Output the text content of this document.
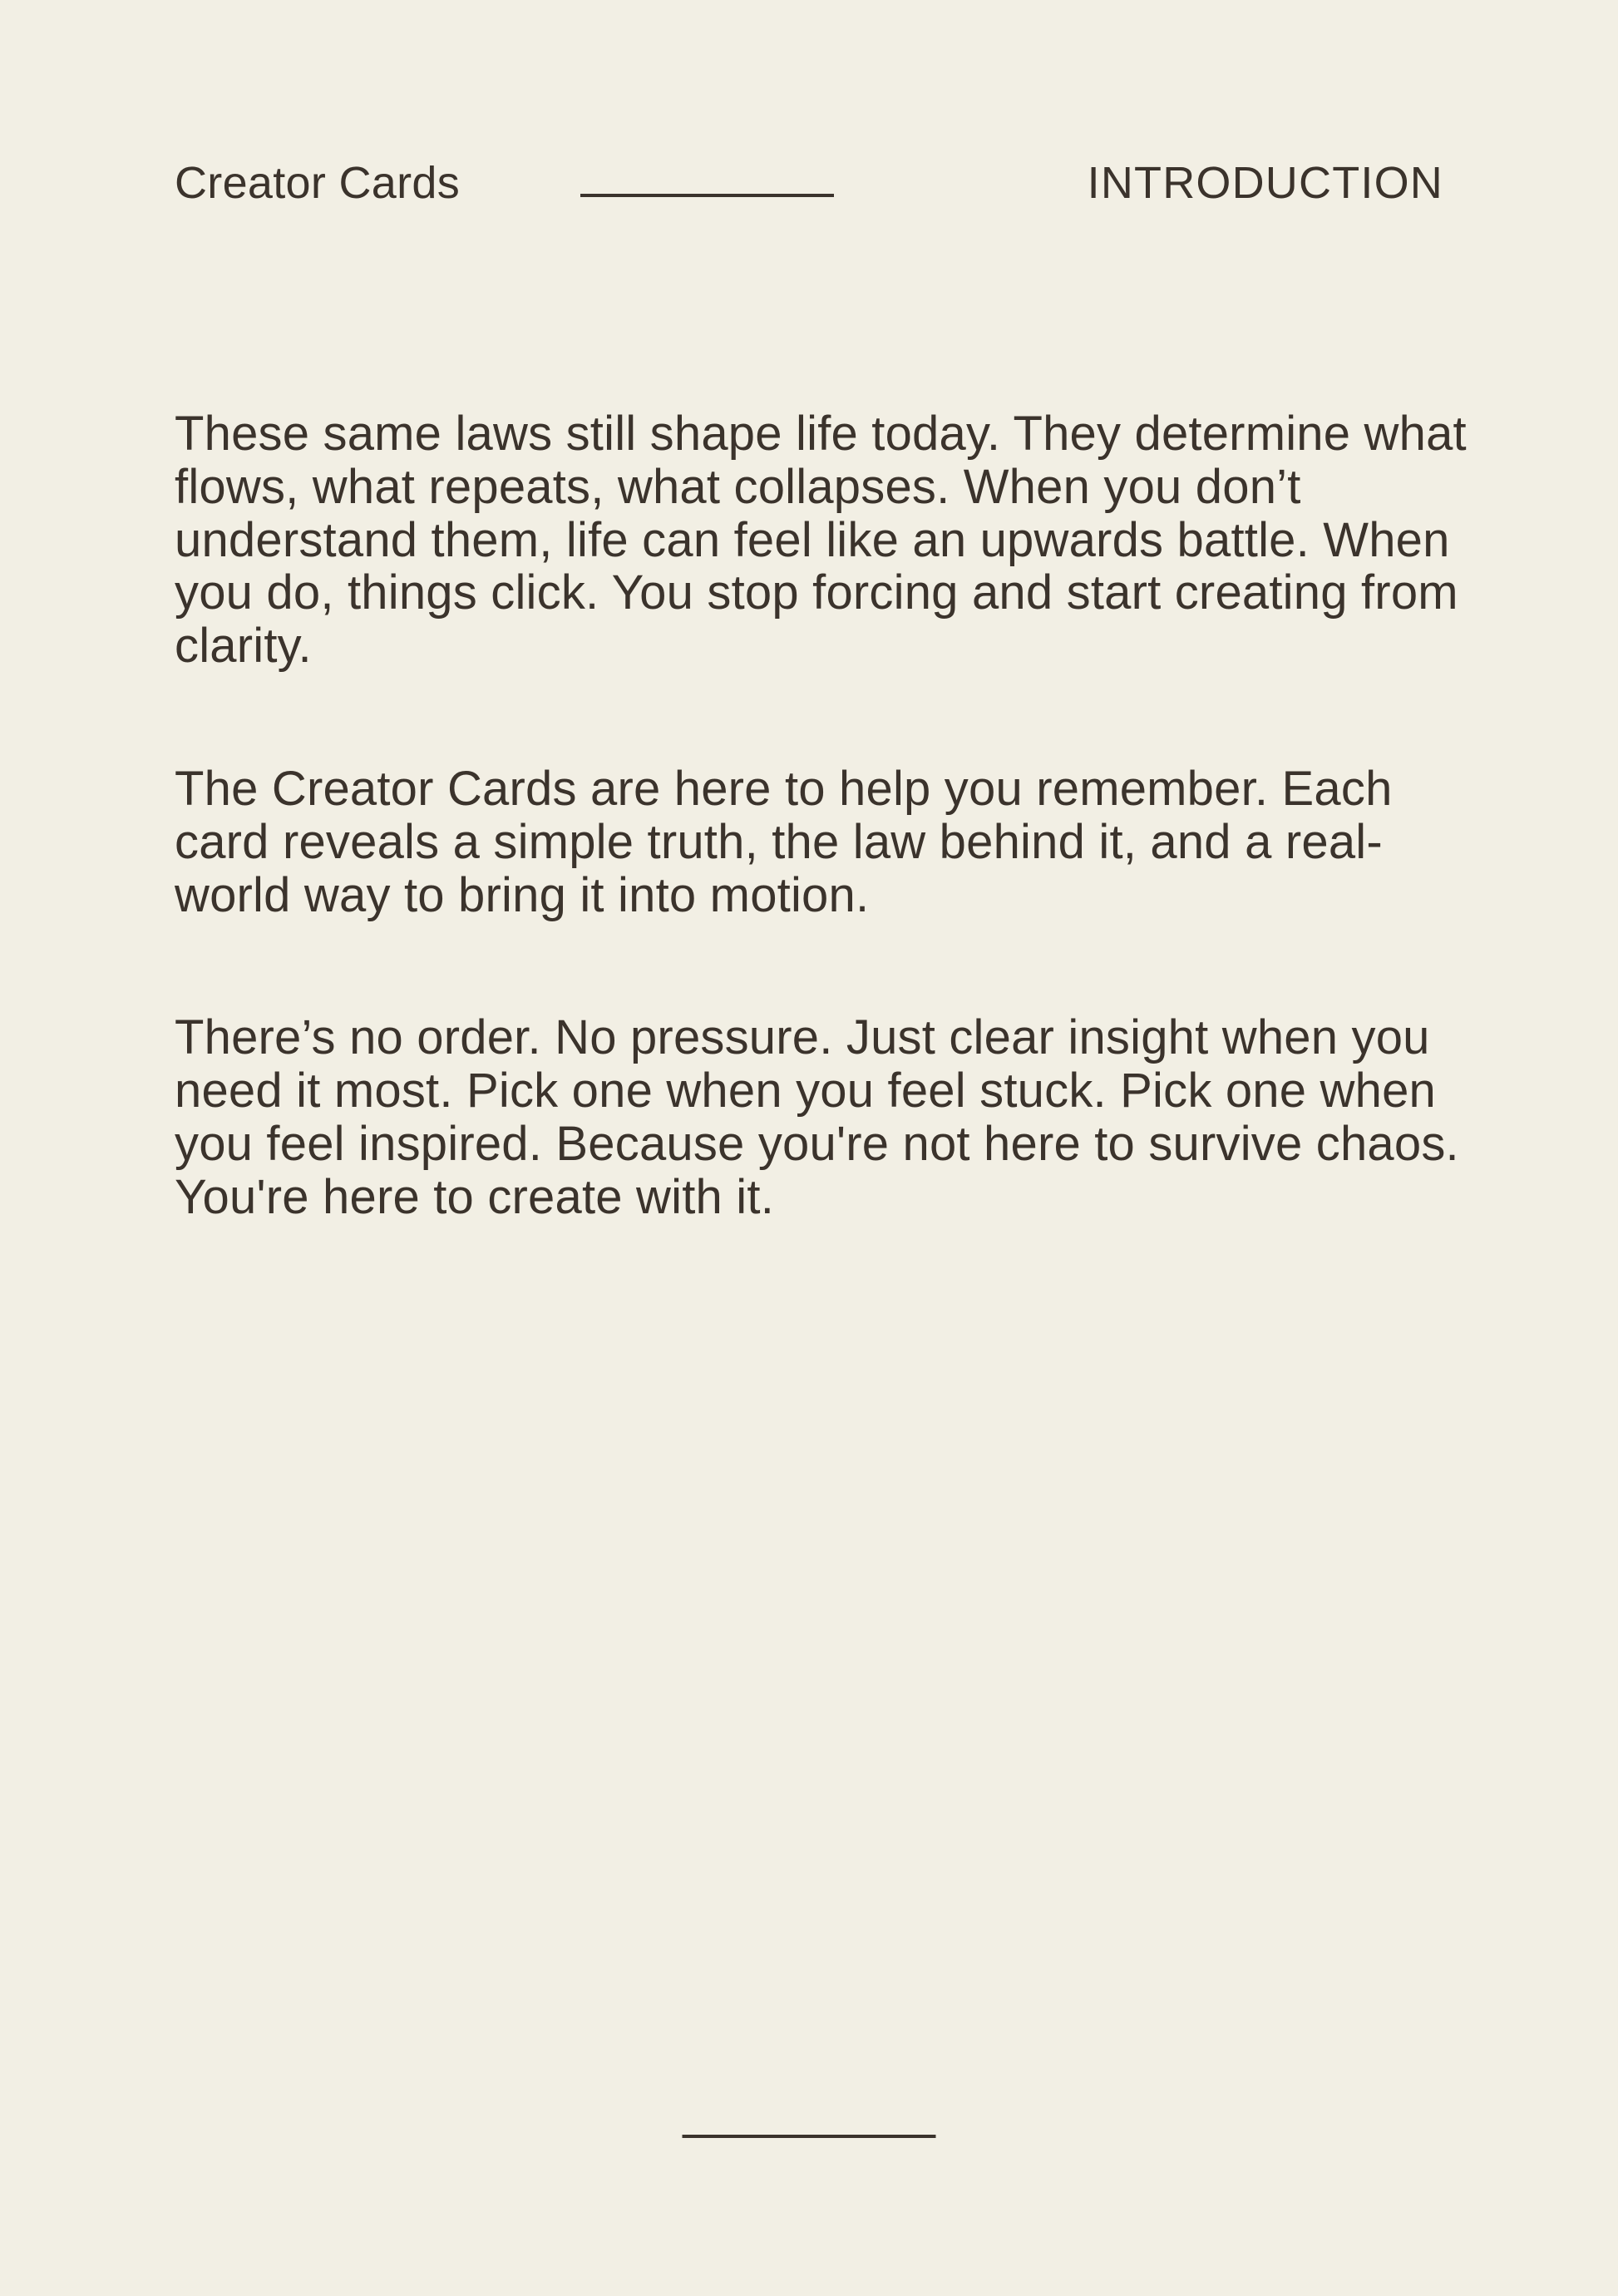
Creator Cards	INTRODUCTION

These same laws still shape life today. They determine what flows, what repeats, what collapses. When you don’t understand them, life can feel like an upwards battle. When you do, things click. You stop forcing and start creating from clarity.

The Creator Cards are here to help you remember. Each card reveals a simple truth, the law behind it, and a real-world way to bring it into motion.

There’s no order. No pressure. Just clear insight when you need it most. Pick one when you feel stuck. Pick one when you feel inspired. Because you're not here to survive chaos. You're here to create with it.
